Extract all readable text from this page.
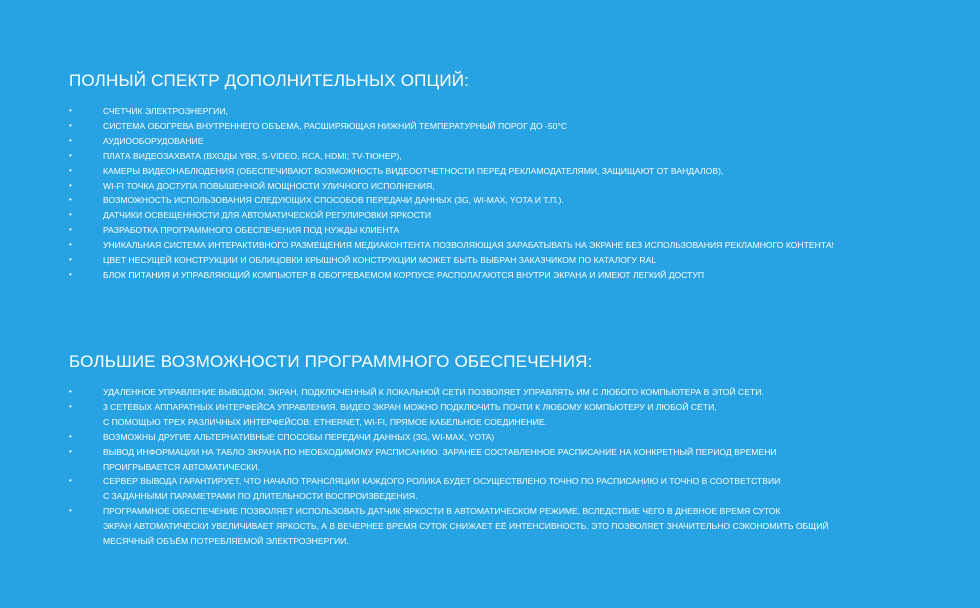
ПОЛНЫЙ СПЕКТР ДОПОЛНИТЕЛЬНЫХ ОПЦИЙ:
•	СЧЕТЧИК ЭЛЕКТРОЭНЕРГИИ,
•	СИСТЕМА ОБОГРЕВА ВНУТРЕННЕГО ОБЪЕМА, РАСШИРЯЮЩАЯ НИЖНИЙ ТЕМПЕРАТУРНЫЙ ПОРОГ ДО -50°С
•	АУДИООБОРУДОВАНИЕ
•	ПЛАТА ВИДЕОЗАХВАТА (ВХОДЫ YBR, S-VIDEO, RCA, HDMI; TV-ТЮНЕР),
•	КАМЕРЫ ВИДЕОНАБЛЮДЕНИЯ (ОБЕСПЕЧИВАЮТ ВОЗМОЖНОСТЬ ВИДЕООТЧЕТНОСТИ ПЕРЕД РЕКЛАМОДАТЕЛЯМИ, ЗАЩИЩАЮТ ОТ ВАНДАЛОВ),
•	WI-FI ТОЧКА ДОСТУПА ПОВЫШЕННОЙ МОЩНОСТИ УЛИЧНОГО ИСПОЛНЕНИЯ,
•	ВОЗМОЖНОСТЬ ИСПОЛЬЗОВАНИЯ СЛЕДУЮЩИХ СПОСОБОВ ПЕРЕДАЧИ ДАННЫХ (3G, WI-MAX, YOTA И Т.П.).
•	ДАТЧИКИ ОСВЕЩЕННОСТИ ДЛЯ АВТОМАТИЧЕСКОЙ РЕГУЛИРОВКИ ЯРКОСТИ
•	РАЗРАБОТКА ПРОГРАММНОГО ОБЕСПЕЧЕНИЯ ПОД НУЖДЫ КЛИЕНТА
•	УНИКАЛЬНАЯ СИСТЕМА ИНТЕРАКТИВНОГО РАЗМЕЩЕНИЯ МЕДИАКОНТЕНТА ПОЗВОЛЯЮЩАЯ ЗАРАБАТЫВАТЬ НА ЭКРАНЕ БЕЗ ИСПОЛЬЗОВАНИЯ РЕКЛАМНОГО КОНТЕНТА!
•	ЦВЕТ НЕСУЩЕЙ КОНСТРУКЦИИ И ОБЛИЦОВКИ КРЫШНОЙ КОНСТРУКЦИИ МОЖЕТ БЫТЬ ВЫБРАН ЗАКАЗЧИКОМ ПО КАТАЛОГУ RAL
•	БЛОК ПИТАНИЯ И УПРАВЛЯЮЩИЙ КОМПЬЮТЕР В ОБОГРЕВАЕМОМ КОРПУСЕ РАСПОЛАГАЮТСЯ ВНУТРИ ЭКРАНА И ИМЕЮТ ЛЕГКИЙ ДОСТУП
БОЛЬШИЕ ВОЗМОЖНОСТИ ПРОГРАММНОГО ОБЕСПЕЧЕНИЯ:
•	УДАЛЕННОЕ УПРАВЛЕНИЕ ВЫВОДОМ. ЭКРАН, ПОДКЛЮЧЕННЫЙ К ЛОКАЛЬНОЙ СЕТИ ПОЗВОЛЯЕТ УПРАВЛЯТЬ ИМ С ЛЮБОГО КОМПЬЮТЕРА В ЭТОЙ СЕТИ.
•	3 СЕТЕВЫХ АППАРАТНЫХ ИНТЕРФЕЙСА УПРАВЛЕНИЯ. ВИДЕО ЭКРАН МОЖНО ПОДКЛЮЧИТЬ ПОЧТИ К ЛЮБОМУ КОМПЬЮТЕРУ И ЛЮБОЙ СЕТИ,
С ПОМОЩЬЮ ТРЕХ РАЗЛИЧНЫХ ИНТЕРФЕЙСОВ: ETHERNET, WI-FI, ПРЯМОЕ КАБЕЛЬНОЕ СОЕДИНЕНИЕ.
•	ВОЗМОЖНЫ ДРУГИЕ АЛЬТЕРНАТИВНЫЕ СПОСОБЫ ПЕРЕДАЧИ ДАННЫХ (3G, WI-MAX, YOTA)
•	ВЫВОД ИНФОРМАЦИИ НА ТАБЛО ЭКРАНА ПО НЕОБХОДИМОМУ РАСПИСАНИЮ. ЗАРАНЕЕ СОСТАВЛЕННОЕ РАСПИСАНИЕ НА КОНКРЕТНЫЙ ПЕРИОД ВРЕМЕНИ
ПРОИГРЫВАЕТСЯ АВТОМАТИЧЕСКИ.
•	СЕРВЕР ВЫВОДА ГАРАНТИРУЕТ, ЧТО НАЧАЛО ТРАНСЛЯЦИИ КАЖДОГО РОЛИКА БУДЕТ ОСУЩЕСТВЛЕНО ТОЧНО ПО РАСПИСАНИЮ И ТОЧНО В СООТВЕТСТВИИ
С ЗАДАННЫМИ ПАРАМЕТРАМИ ПО ДЛИТЕЛЬНОСТИ ВОСПРОИЗВЕДЕНИЯ.
•	ПРОГРАММНОЕ ОБЕСПЕЧЕНИЕ ПОЗВОЛЯЕТ ИСПОЛЬЗОВАТЬ ДАТЧИК ЯРКОСТИ В АВТОМАТИЧЕСКОМ РЕЖИМЕ, ВСЛЕДСТВИЕ ЧЕГО В ДНЕВНОЕ ВРЕМЯ СУТОК
ЭКРАН АВТОМАТИЧЕСКИ УВЕЛИЧИВАЕТ ЯРКОСТЬ, А В ВЕЧЕРНЕЕ ВРЕМЯ СУТОК СНИЖАЕТ ЕЁ ИНТЕНСИВНОСТЬ. ЭТО ПОЗВОЛЯЕТ ЗНАЧИТЕЛЬНО СЭКОНОМИТЬ ОБЩИЙ
МЕСЯЧНЫЙ ОБЪЁМ ПОТРЕБЛЯЕМОЙ ЭЛЕКТРОЭНЕРГИИ.
